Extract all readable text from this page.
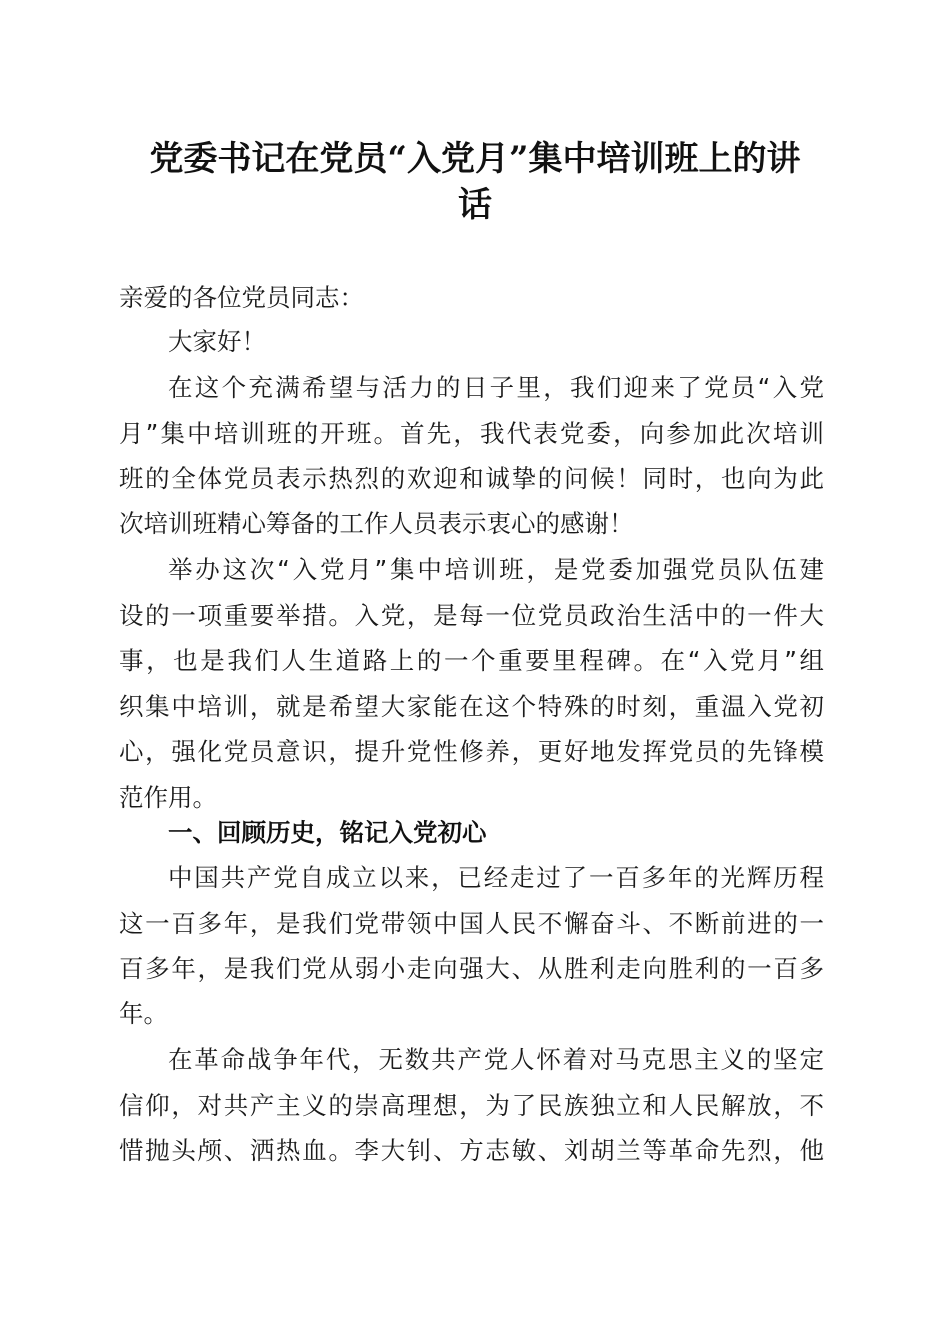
党委书记在党员“入党月”集中培训班上的讲
话
亲爱的各位党员同志：
大家好！
在这个充满希望与活力的日子里，我们迎来了党员“入党
月”集中培训班的开班。首先，我代表党委，向参加此次培训
班的全体党员表示热烈的欢迎和诚挚的问候！同时，也向为此
次培训班精心筹备的工作人员表示衷心的感谢！
举办这次“入党月”集中培训班，是党委加强党员队伍建
设的一项重要举措。入党，是每一位党员政治生活中的一件大
事，也是我们人生道路上的一个重要里程碑。在“入党月”组
织集中培训，就是希望大家能在这个特殊的时刻，重温入党初
心，强化党员意识，提升党性修养，更好地发挥党员的先锋模
范作用。
一、回顾历史，铭记入党初心
中国共产党自成立以来，已经走过了一百多年的光辉历程
这一百多年，是我们党带领中国人民不懈奋斗、不断前进的一
百多年，是我们党从弱小走向强大、从胜利走向胜利的一百多
年。
在革命战争年代，无数共产党人怀着对马克思主义的坚定
信仰，对共产主义的崇高理想，为了民族独立和人民解放，不
惜抛头颅、洒热血。李大钊、方志敏、刘胡兰等革命先烈，他
